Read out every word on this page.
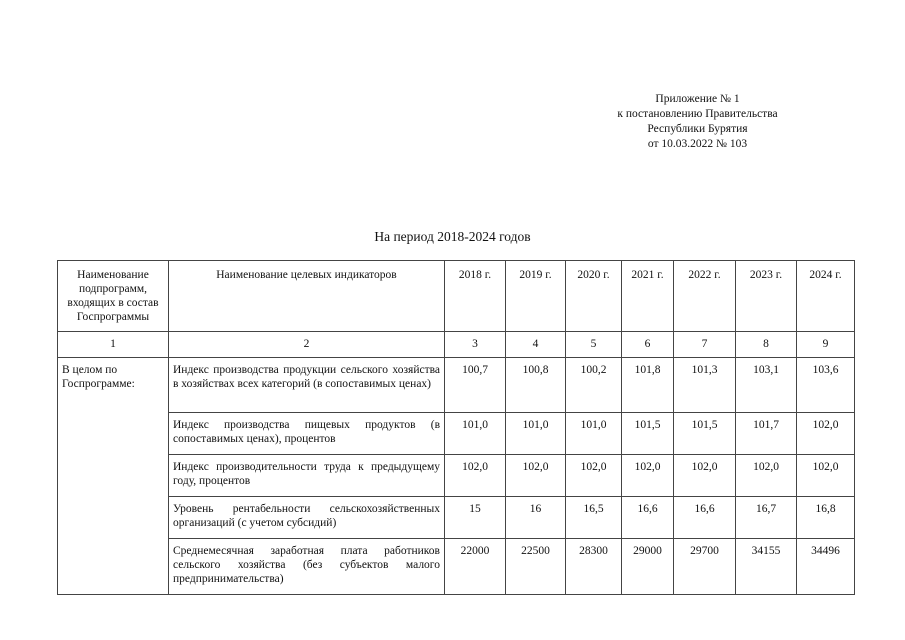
Приложение № 1
к постановлению Правительства
Республики Бурятия
от 10.03.2022 № 103
На период 2018-2024 годов
Наименование подпрограмм, входящих в состав Госпрограммы	Наименование целевых индикаторов	2018 г.	2019 г.	2020 г.	2021 г.	2022 г.	2023 г.	2024 г.
1	2	3	4	5	6	7	8	9
В целом по Госпрограмме:	Индекс производства продукции сельского хозяйства в хозяйствах всех категорий (в сопоставимых ценах)	100,7	100,8	100,2	101,8	101,3	103,1	103,6
	Индекс производства пищевых продуктов (в сопоставимых ценах), процентов	101,0	101,0	101,0	101,5	101,5	101,7	102,0
	Индекс производительности труда к предыдущему году, процентов	102,0	102,0	102,0	102,0	102,0	102,0	102,0
	Уровень рентабельности сельскохозяйственных организаций (с учетом субсидий)	15	16	16,5	16,6	16,6	16,7	16,8
	Среднемесячная заработная плата работников сельского хозяйства (без субъектов малого предпринимательства)	22000	22500	28300	29000	29700	34155	34496
